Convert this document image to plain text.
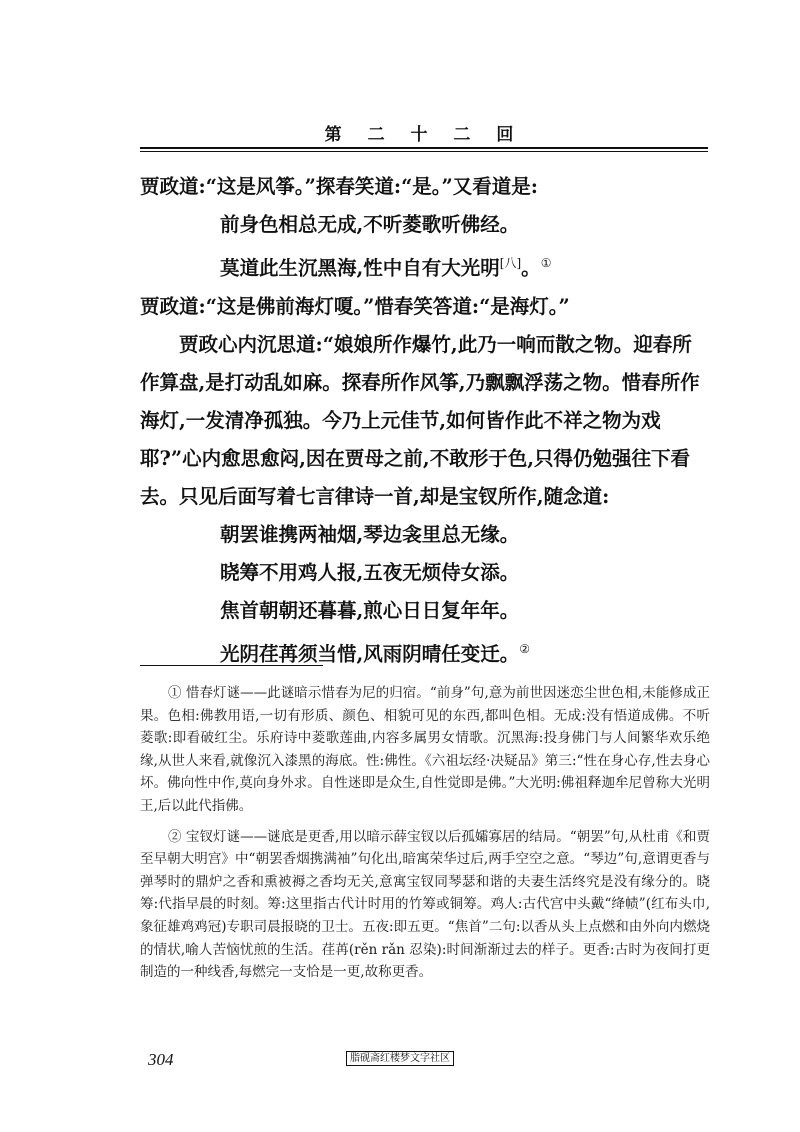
第 二 十 二 回

贾政道:“这是风筝。”探春笑道:“是。”又看道是:

前身色相总无成,不听菱歌听佛经。

莫道此生沉黑海,性中自有大光明[八]。①

贾政道:“这是佛前海灯嗄。”惜春笑答道:“是海灯。”

贾政心内沉思道:“娘娘所作爆竹,此乃一响而散之物。迎春所作算盘,是打动乱如麻。探春所作风筝,乃飘飘浮荡之物。惜春所作海灯,一发清净孤独。今乃上元佳节,如何皆作此不祥之物为戏耶?”心内愈思愈闷,因在贾母之前,不敢形于色,只得仍勉强往下看去。只见后面写着七言律诗一首,却是宝钗所作,随念道:

朝罢谁携两袖烟,琴边衾里总无缘。

晓筹不用鸡人报,五夜无烦侍女添。

焦首朝朝还暮暮,煎心日日复年年。

光阴荏苒须当惜,风雨阴晴任变迁。②

① 惜春灯谜——此谜暗示惜春为尼的归宿。“前身”句,意为前世因迷恋尘世色相,未能修成正果。色相:佛教用语,一切有形质、颜色、相貌可见的东西,都叫色相。无成:没有悟道成佛。不听菱歌:即看破红尘。乐府诗中菱歌莲曲,内容多属男女情歌。沉黑海:投身佛门与人间繁华欢乐绝缘,从世人来看,就像沉入漆黑的海底。性:佛性。《六祖坛经·决疑品》第三:“性在身心存,性去身心坏。佛向性中作,莫向身外求。自性迷即是众生,自性觉即是佛。”大光明:佛祖释迦牟尼曾称大光明王,后以此代指佛。

② 宝钗灯谜——谜底是更香,用以暗示薛宝钗以后孤孀寡居的结局。“朝罢”句,从杜甫《和贾至早朝大明宫》中“朝罢香烟携满袖”句化出,暗寓荣华过后,两手空空之意。“琴边”句,意谓更香与弹琴时的鼎炉之香和熏被褥之香均无关,意寓宝钗同琴瑟和谐的夫妻生活终究是没有缘分的。晓筹:代指早晨的时刻。筹:这里指古代计时用的竹筹或铜筹。鸡人:古代宫中头戴“绛帻”(红布头巾,象征雄鸡鸡冠)专职司晨报晓的卫士。五夜:即五更。“焦首”二句:以香从头上点燃和由外向内燃烧的情状,喻人苦恼忧煎的生活。荏苒(rěn rǎn 忍染):时间渐渐过去的样子。更香:古时为夜间打更制造的一种线香,每燃完一支恰是一更,故称更香。

304	脂砚斋红楼梦文字社区
